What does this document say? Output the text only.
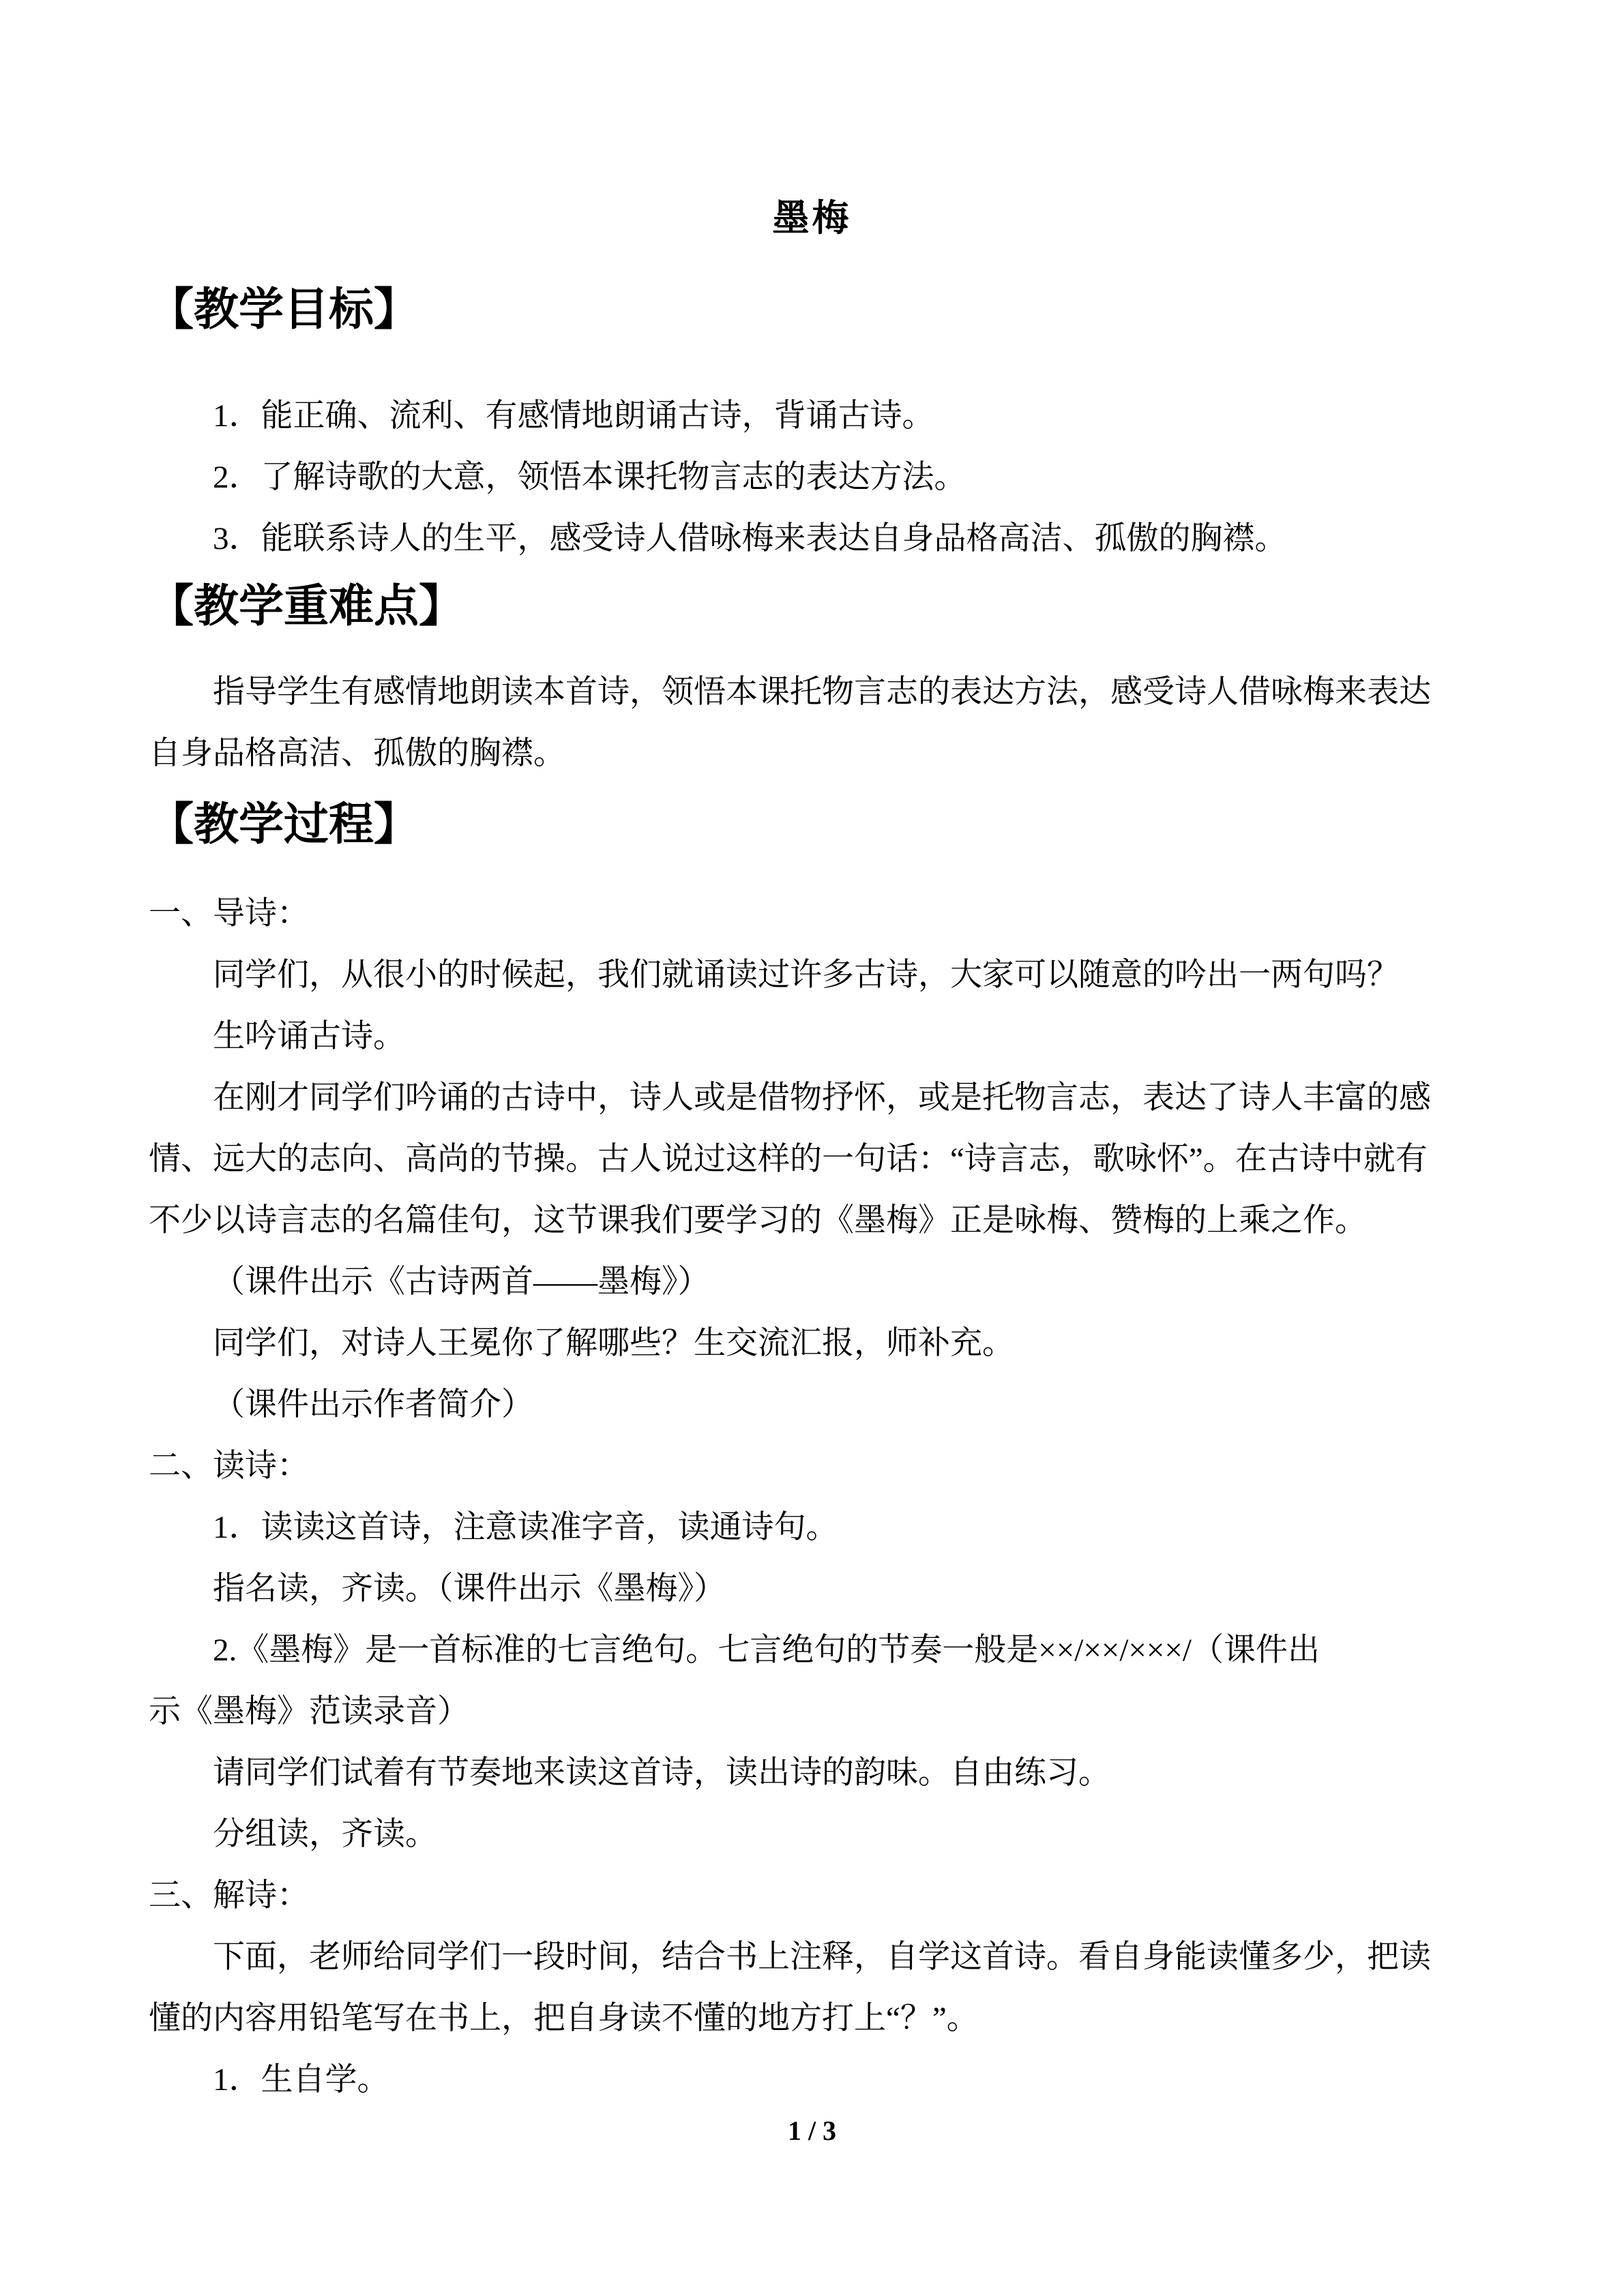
墨梅
【教学目标】
1．能正确、流利、有感情地朗诵古诗，背诵古诗。
2．了解诗歌的大意，领悟本课托物言志的表达方法。
3．能联系诗人的生平，感受诗人借咏梅来表达自身品格高洁、孤傲的胸襟。
【教学重难点】
指导学生有感情地朗读本首诗，领悟本课托物言志的表达方法，感受诗人借咏梅来表达
自身品格高洁、孤傲的胸襟。
【教学过程】
一、导诗：
同学们，从很小的时候起，我们就诵读过许多古诗，大家可以随意的吟出一两句吗？
生吟诵古诗。
在刚才同学们吟诵的古诗中，诗人或是借物抒怀，或是托物言志，表达了诗人丰富的感
情、远大的志向、高尚的节操。古人说过这样的一句话：“诗言志，歌咏怀”。在古诗中就有
不少以诗言志的名篇佳句，这节课我们要学习的《墨梅》正是咏梅、赞梅的上乘之作。
（课件出示《古诗两首——墨梅》）
同学们，对诗人王冕你了解哪些？生交流汇报，师补充。
（课件出示作者简介）
二、读诗：
1．读读这首诗，注意读准字音，读通诗句。
指名读，齐读。（课件出示《墨梅》）
2.《墨梅》是一首标准的七言绝句。七言绝句的节奏一般是××/××/×××/（课件出
示《墨梅》范读录音）
请同学们试着有节奏地来读这首诗，读出诗的韵味。自由练习。
分组读，齐读。
三、解诗：
下面，老师给同学们一段时间，结合书上注释，自学这首诗。看自身能读懂多少，把读
懂的内容用铅笔写在书上，把自身读不懂的地方打上“？”。
1．生自学。
1 / 3
